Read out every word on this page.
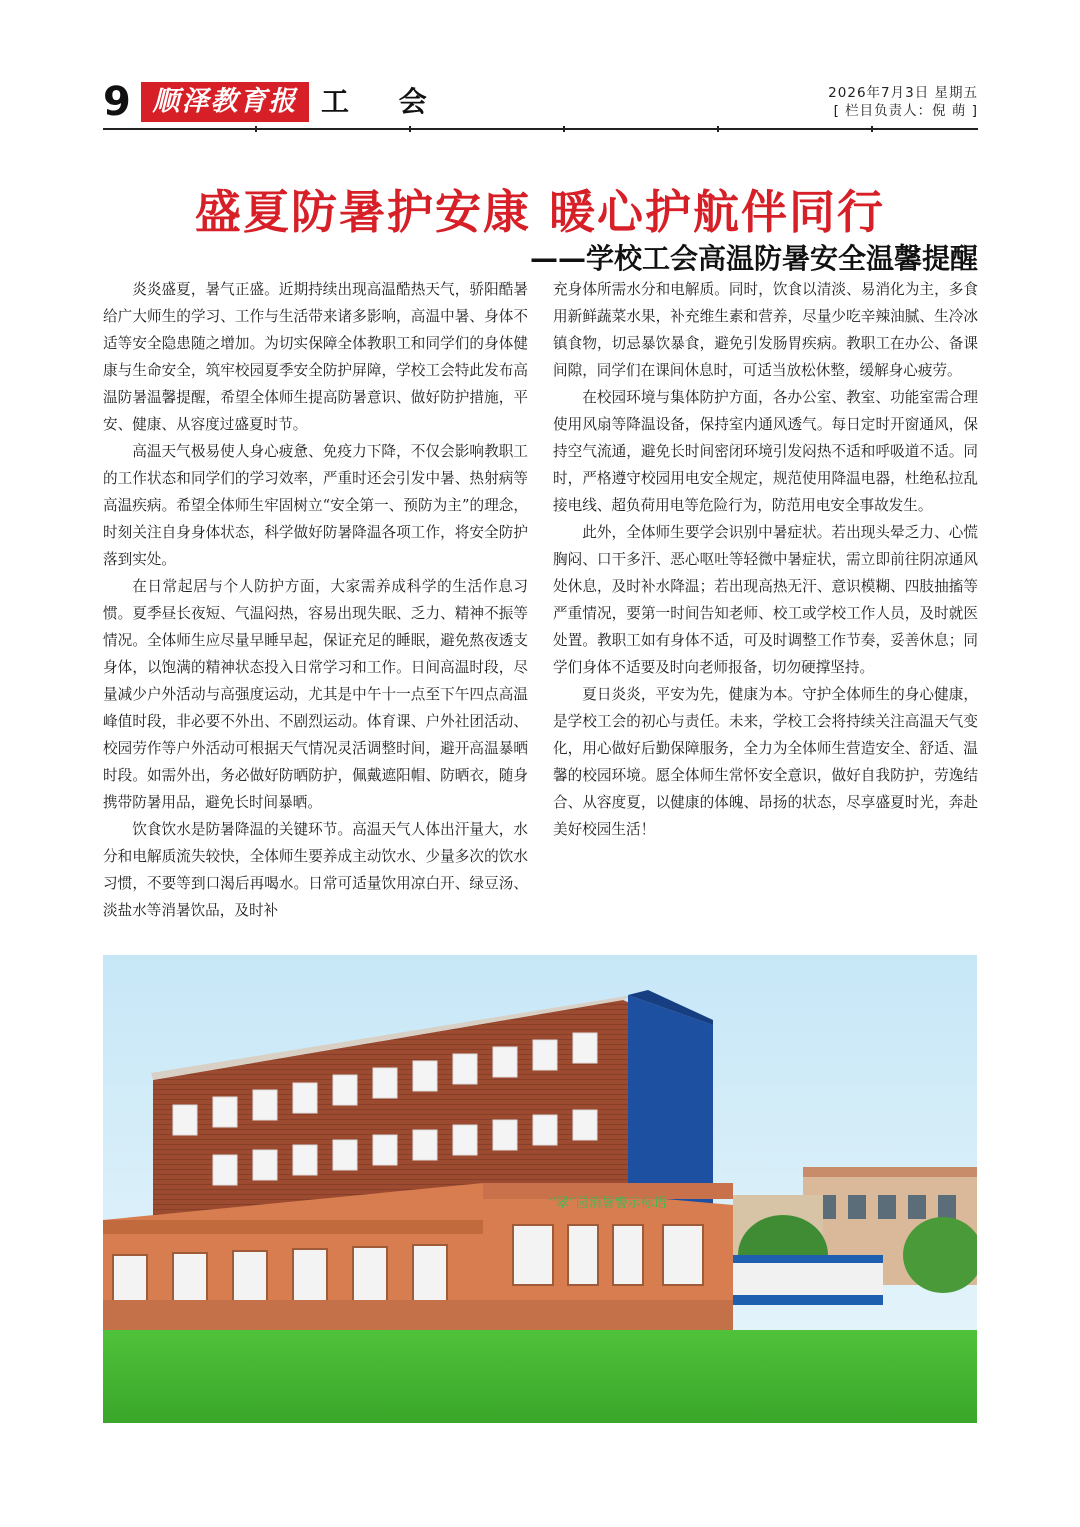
9 顺泽教育报 工 会	2026年7月3日 星期五
[ 栏目负责人：倪 萌 ]
盛夏防暑护安康 暖心护航伴同行
——学校工会高温防暑安全温馨提醒

炎炎盛夏，暑气正盛。近期持续出现高温酷热天气，骄阳酷暑给广大师生的学习、工作与生活带来诸多影响，高温中暑、身体不适等安全隐患随之增加。为切实保障全体教职工和同学们的身体健康与生命安全，筑牢校园夏季安全防护屏障，学校工会特此发布高温防暑温馨提醒，希望全体师生提高防暑意识、做好防护措施，平安、健康、从容度过盛夏时节。

高温天气极易使人身心疲惫、免疫力下降，不仅会影响教职工的工作状态和同学们的学习效率，严重时还会引发中暑、热射病等高温疾病。希望全体师生牢固树立“安全第一、预防为主”的理念，时刻关注自身身体状态，科学做好防暑降温各项工作，将安全防护落到实处。

在日常起居与个人防护方面，大家需养成科学的生活作息习惯。夏季昼长夜短、气温闷热，容易出现失眠、乏力、精神不振等情况。全体师生应尽量早睡早起，保证充足的睡眠，避免熬夜透支身体，以饱满的精神状态投入日常学习和工作。日间高温时段，尽量减少户外活动与高强度运动，尤其是中午十一点至下午四点高温峰值时段，非必要不外出、不剧烈运动。体育课、户外社团活动、校园劳作等户外活动可根据天气情况灵活调整时间，避开高温暴晒时段。如需外出，务必做好防晒防护，佩戴遮阳帽、防晒衣，随身携带防暑用品，避免长时间暴晒。

饮食饮水是防暑降温的关键环节。高温天气人体出汗量大，水分和电解质流失较快，全体师生要养成主动饮水、少量多次的饮水习惯，不要等到口渴后再喝水。日常可适量饮用凉白开、绿豆汤、淡盐水等消暑饮品，及时补

充身体所需水分和电解质。同时，饮食以清淡、易消化为主，多食用新鲜蔬菜水果，补充维生素和营养，尽量少吃辛辣油腻、生冷冰镇食物，切忌暴饮暴食，避免引发肠胃疾病。教职工在办公、备课间隙，同学们在课间休息时，可适当放松休整，缓解身心疲劳。

在校园环境与集体防护方面，各办公室、教室、功能室需合理使用风扇等降温设备，保持室内通风透气。每日定时开窗通风，保持空气流通，避免长时间密闭环境引发闷热不适和呼吸道不适。同时，严格遵守校园用电安全规定，规范使用降温电器，杜绝私拉乱接电线、超负荷用电等危险行为，防范用电安全事故发生。

此外，全体师生要学会识别中暑症状。若出现头晕乏力、心慌胸闷、口干多汗、恶心呕吐等轻微中暑症状，需立即前往阴凉通风处休息，及时补水降温；若出现高热无汗、意识模糊、四肢抽搐等严重情况，要第一时间告知老师、校工或学校工作人员，及时就医处置。教职工如有身体不适，可及时调整工作节奏，妥善休息；同学们身体不适要及时向老师报备，切勿硬撑坚持。

夏日炎炎，平安为先，健康为本。守护全体师生的身心健康，是学校工会的初心与责任。未来，学校工会将持续关注高温天气变化，用心做好后勤保障服务，全力为全体师生营造安全、舒适、温馨的校园环境。愿全体师生常怀安全意识，做好自我防护，劳逸结合、从容度夏，以健康的体魄、昂扬的状态，尽享盛夏时光，奔赴美好校园生活！

“翠”园消暑警示标语
